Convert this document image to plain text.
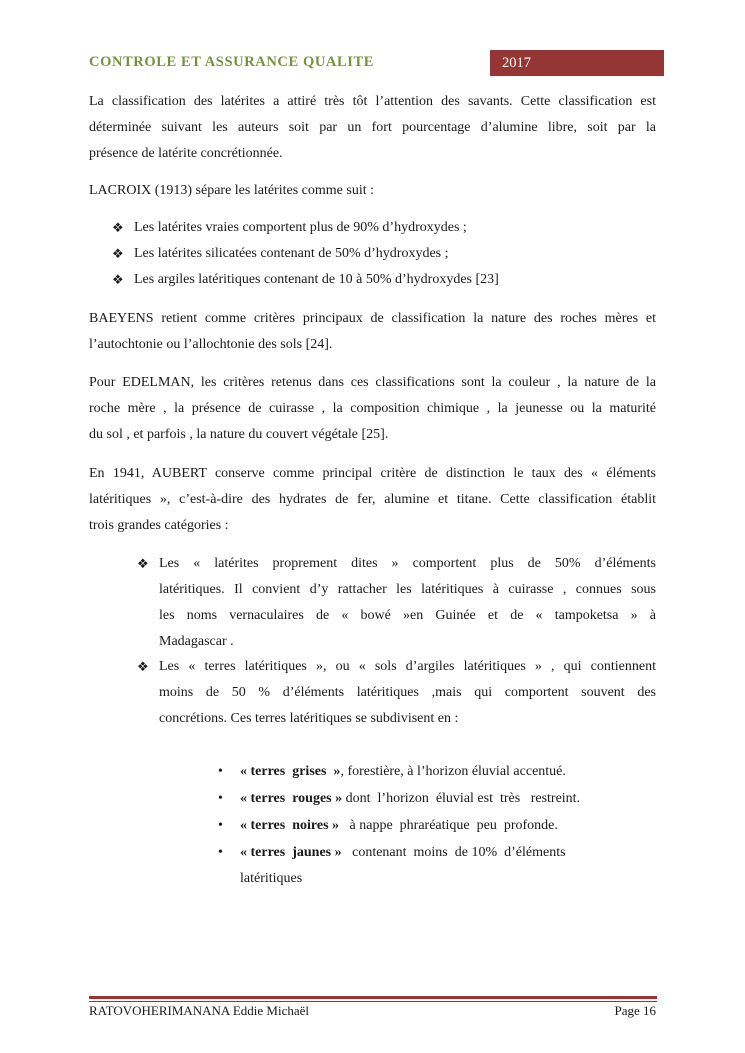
CONTROLE ET ASSURANCE QUALITE	2017
La classification des latérites a attiré très tôt l’attention des savants. Cette classification est
déterminée suivant les auteurs soit par un fort pourcentage d’alumine libre, soit par la
présence de latérite concrétionnée.
LACROIX (1913) sépare les latérites comme suit :
❖ Les latérites vraies comportent plus de 90% d’hydroxydes ;
❖ Les latérites silicatées contenant de 50% d’hydroxydes ;
❖ Les argiles latéritiques contenant de 10 à 50% d’hydroxydes [23]
BAEYENS retient comme critères principaux de classification la nature des roches mères et
l’autochtonie ou l’allochtonie des sols [24].
Pour EDELMAN, les critères retenus dans ces classifications sont la couleur , la nature de la
roche mère , la présence de cuirasse , la composition chimique , la jeunesse ou la maturité
du sol , et parfois , la nature du couvert végétale [25].
En 1941, AUBERT conserve comme principal critère de distinction le taux des « éléments
latéritiques », c’est-à-dire des hydrates de fer, alumine et titane. Cette classification établit
trois grandes catégories :
❖ Les « latérites proprement dites » comportent plus de 50% d’éléments
latéritiques. Il convient d’y rattacher les latéritiques à cuirasse , connues sous
les noms vernaculaires de « bowé »en Guinée et de « tampoketsa » à
Madagascar .
❖ Les « terres latéritiques », ou « sols d’argiles latéritiques » , qui contiennent
moins de 50 % d’éléments latéritiques ,mais qui comportent souvent des
concrétions. Ces terres latéritiques se subdivisent en :
• « terres  grises  », forestière, à l’horizon éluvial accentué.
• « terres  rouges » dont  l’horizon  éluvial est  très   restreint.
• « terres  noires »   à nappe  phraréatique  peu  profonde.
• « terres  jaunes »   contenant  moins  de 10%  d’éléments
latéritiques
RATOVOHERIMANANA Eddie Michaël	Page 16
